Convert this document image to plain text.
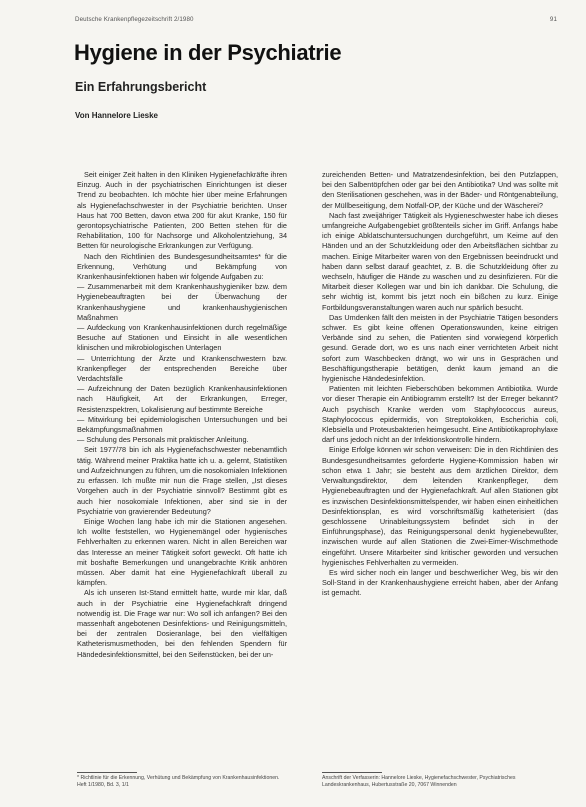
Deutsche Krankenpflegezeitschrift 2/1980	91
Hygiene in der Psychiatrie
Ein Erfahrungsbericht

Von Hannelore Lieske

Seit einiger Zeit halten in den Kliniken Hygienefachkräfte ihren Einzug. Auch in der psychiatrischen Einrichtungen ist dieser Trend zu beobachten. Ich möchte hier über meine Erfahrungen als Hygienefachschwester in der Psychiatrie berichten. Unser Haus hat 700 Betten, davon etwa 200 für akut Kranke, 150 für gerontopsychiatrische Patienten, 200 Betten stehen für die Rehabilitation, 100 für Nachsorge und Alkoholentziehung, 34 Betten für neurologische Erkrankungen zur Verfügung.

Nach den Richtlinien des Bundesgesundheitsamtes* für die Erkennung, Verhütung und Bekämpfung von Krankenhausinfektionen haben wir folgende Aufgaben zu:

— Zusammenarbeit mit dem Krankenhaushygieniker bzw. dem Hygienebeauftragten bei der Überwachung der Krankenhaushygiene und krankenhaushygienischen Maßnahmen

— Aufdeckung von Krankenhausinfektionen durch regelmäßige Besuche auf Stationen und Einsicht in alle wesentlichen klinischen und mikrobiologischen Unterlagen

— Unterrichtung der Ärzte und Krankenschwestern bzw. Krankenpfleger der entsprechenden Bereiche über Verdachtsfälle

— Aufzeichnung der Daten bezüglich Krankenhausinfektionen nach Häufigkeit, Art der Erkrankungen, Erreger, Resistenzspektren, Lokalisierung auf bestimmte Bereiche

— Mitwirkung bei epidemiologischen Untersuchungen und bei Bekämpfungsmaßnahmen

— Schulung des Personals mit praktischer Anleitung.

Seit 1977/78 bin ich als Hygienefachschwester nebenamtlich tätig. Während meiner Praktika hatte ich u. a. gelernt, Statistiken und Aufzeichnungen zu führen, um die nosokomialen Infektionen zu erfassen. Ich mußte mir nun die Frage stellen, „Ist dieses Vorgehen auch in der Psychiatrie sinnvoll? Bestimmt gibt es auch hier nosokomiale Infektionen, aber sind sie in der Psychiatrie von gravierender Bedeutung?

Einige Wochen lang habe ich mir die Stationen angesehen. Ich wollte feststellen, wo Hygienemängel oder hygienisches Fehlverhalten zu erkennen waren. Nicht in allen Bereichen war das Interesse an meiner Tätigkeit sofort geweckt. Oft hatte ich mit boshafte Bemerkungen und unangebrachte Kritik anhören müssen. Aber damit hat eine Hygienefachkraft überall zu kämpfen.

Als ich unseren Ist-Stand ermittelt hatte, wurde mir klar, daß auch in der Psychiatrie eine Hygienefachkraft dringend notwendig ist. Die Frage war nur: Wo soll ich anfangen? Bei den massenhaft angebotenen Desinfektions- und Reinigungsmitteln, bei der zentralen Dosieranlage, bei den vielfältigen Katheterismusmethoden, bei den fehlenden Spendern für Händedesinfektionsmittel, bei den Seifenstücken, bei der un-

zureichenden Betten- und Matratzendesinfektion, bei den Putzlappen, bei den Salbentöpfchen oder gar bei den Antibiotika? Und was sollte mit den Sterilisationen geschehen, was in der Bäder- und Röntgenabteilung, der Müllbeseitigung, dem Notfall-OP, der Küche und der Wäscherei?

Nach fast zweijähriger Tätigkeit als Hygieneschwester habe ich dieses umfangreiche Aufgabengebiet größtenteils sicher im Griff. Anfangs habe ich einige Abklatschuntersuchungen durchgeführt, um Keime auf den Händen und an der Schutzkleidung oder den Arbeitsflächen sichtbar zu machen. Einige Mitarbeiter waren von den Ergebnissen beeindruckt und haben dann selbst darauf geachtet, z. B. die Schutzkleidung öfter zu wechseln, häufiger die Hände zu waschen und zu desinfizieren. Für die Mitarbeit dieser Kollegen war und bin ich dankbar. Die Schulung, die sehr wichtig ist, kommt bis jetzt noch ein bißchen zu kurz. Einige Fortbildungsveranstaltungen waren auch nur spärlich besucht.

Das Umdenken fällt den meisten in der Psychiatrie Tätigen besonders schwer. Es gibt keine offenen Operationswunden, keine eitrigen Verbände sind zu sehen, die Patienten sind vorwiegend körperlich gesund. Gerade dort, wo es uns nach einer verrichteten Arbeit nicht sofort zum Waschbecken drängt, wo wir uns in Gesprächen und Beschäftigungstherapie betätigen, denkt kaum jemand an die hygienische Händedesinfektion.

Patienten mit leichten Fieberschüben bekommen Antibiotika. Wurde vor dieser Therapie ein Antibiogramm erstellt? Ist der Erreger bekannt? Auch psychisch Kranke werden vom Staphylococcus aureus, Staphylococcus epidermidis, von Streptokokken, Escherichia coli, Klebsiella und Proteusbakterien heimgesucht. Eine Antibiotikaprophylaxe darf uns jedoch nicht an der Infektionskontrolle hindern.

Einige Erfolge können wir schon verweisen: Die in den Richtlinien des Bundesgesundheitsamtes geforderte Hygiene-Kommission haben wir schon etwa 1 Jahr; sie besteht aus dem ärztlichen Direktor, dem Verwaltungsdirektor, dem leitenden Krankenpfleger, dem Hygienebeauftragten und der Hygienefachkraft. Auf allen Stationen gibt es inzwischen Desinfektionsmittelspender, wir haben einen einheitlichen Desinfektionsplan, es wird vorschriftsmäßig katheterisiert (das geschlossene Urinableitungssystem befindet sich in der Einführungsphase), das Reinigungspersonal denkt hygienebewußter, inzwischen wurde auf allen Stationen die Zwei-Eimer-Wischmethode eingeführt. Unsere Mitarbeiter sind kritischer geworden und versuchen hygienisches Fehlverhalten zu vermeiden.

Es wird sicher noch ein langer und beschwerlicher Weg, bis wir den Soll-Stand in der Krankenhaushygiene erreicht haben, aber der Anfang ist gemacht.

* Richtlinie für die Erkennung, Verhütung und Bekämpfung von Krankenhausinfektionen. Heft 1/1980, Bd. 3, 1/1
Anschrift der Verfasserin: Hannelore Lieske, Hygienefachschwester, Psychiatrisches Landeskrankenhaus, Hubertusstraße 20, 7067 Winnenden
